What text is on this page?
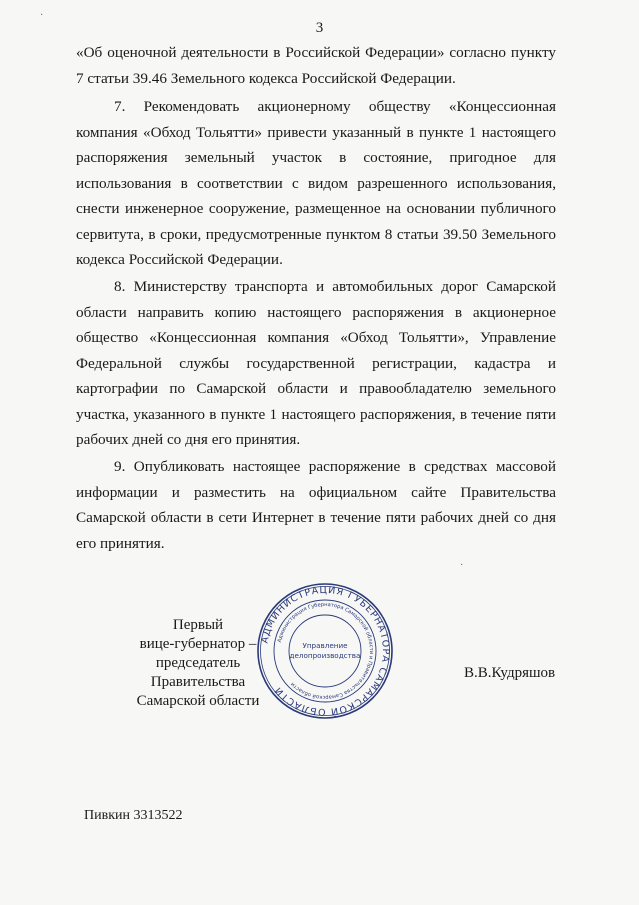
3

«Об оценочной деятельности в Российской Федерации» согласно пункту 7 статьи 39.46 Земельного кодекса Российской Федерации.

7. Рекомендовать акционерному обществу «Концессионная компания «Обход Тольятти» привести указанный в пункте 1 настоящего распоряжения земельный участок в состояние, пригодное для использования в соответствии с видом разрешенного использования, снести инженерное сооружение, размещенное на основании публичного сервитута, в сроки, предусмотренные пунктом 8 статьи 39.50 Земельного кодекса Российской Федерации.

8. Министерству транспорта и автомобильных дорог Самарской области направить копию настоящего распоряжения в акционерное общество «Концессионная компания «Обход Тольятти», Управление Федеральной службы государственной регистрации, кадастра и картографии по Самарской области и правообладателю земельного участка, указанного в пункте 1 настоящего распоряжения, в течение пяти рабочих дней со дня его принятия.

9. Опубликовать настоящее распоряжение в средствах массовой информации и разместить на официальном сайте Правительства Самарской области в сети Интернет в течение пяти рабочих дней со дня его принятия.

Первый
вице-губернатор –
председатель Правительства
Самарской области
АДМИНИСТРАЦИЯ ГУБЕРНАТОРА САМАРСКОЙ ОБЛАСТИ
Администрация Губернатора Самарской области и Правительства Самарской области
Управление
делопроизводства
В.В.Кудряшов
Пивкин 3313522
·
·
